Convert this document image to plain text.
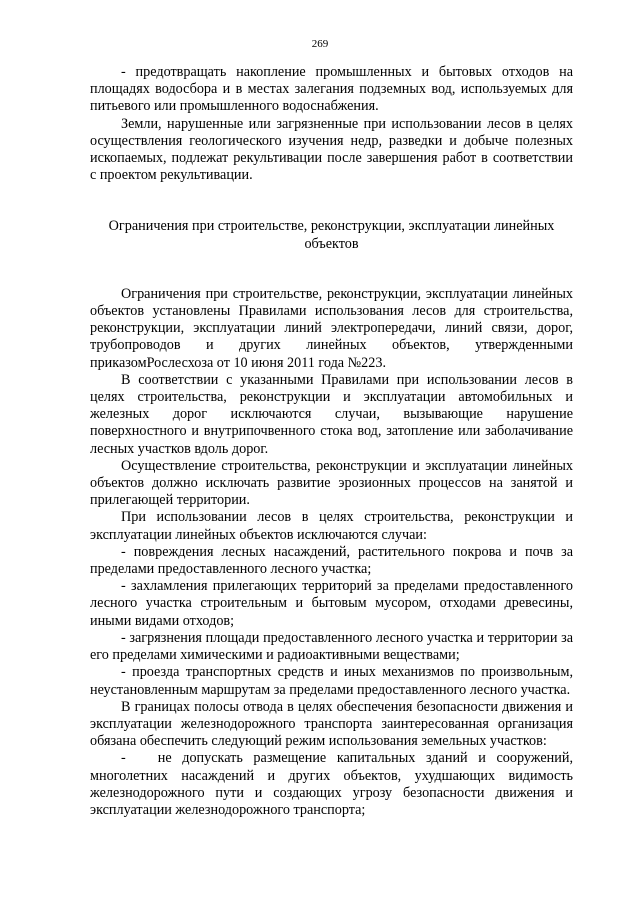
269

- предотвращать накопление промышленных и бытовых отходов на площадях водосбора и в местах залегания подземных вод, используемых для питьевого или промышленного водоснабжения.

Земли, нарушенные или загрязненные при использовании лесов в целях осуществления геологического изучения недр, разведки и добыче полезных ископаемых, подлежат рекультивации после завершения работ в соответствии с проектом рекультивации.

Ограничения при строительстве, реконструкции, эксплуатации линейных объектов

Ограничения при строительстве, реконструкции, эксплуатации линейных объектов установлены Правилами использования лесов для строительства, реконструкции, эксплуатации линий электропередачи, линий связи, дорог, трубопроводов и других линейных объектов, утвержденными приказомРослесхоза от 10 июня 2011 года №223.

В соответствии с указанными Правилами при использовании лесов в целях строительства, реконструкции и эксплуатации автомобильных и железных дорог исключаются случаи, вызывающие нарушение поверхностного и внутрипочвенного стока вод, затопление или заболачивание лесных участков вдоль дорог.

Осуществление строительства, реконструкции и эксплуатации линейных объектов должно исключать развитие эрозионных процессов на занятой и прилегающей территории.

При использовании лесов в целях строительства, реконструкции и эксплуатации линейных объектов исключаются случаи:

- повреждения лесных насаждений, растительного покрова и почв за пределами предоставленного лесного участка;

- захламления прилегающих территорий за пределами предоставленного лесного участка строительным и бытовым мусором, отходами древесины, иными видами отходов;

- загрязнения площади предоставленного лесного участка и территории за его пределами химическими и радиоактивными веществами;

- проезда транспортных средств и иных механизмов по произвольным, неустановленным маршрутам за пределами предоставленного лесного участка.

В границах полосы отвода в целях обеспечения безопасности движения и эксплуатации железнодорожного транспорта заинтересованная организация обязана обеспечить следующий режим использования земельных участков:

- не допускать размещение капитальных зданий и сооружений, многолетних насаждений и других объектов, ухудшающих видимость железнодорожного пути и создающих угрозу безопасности движения и эксплуатации железнодорожного транспорта;
